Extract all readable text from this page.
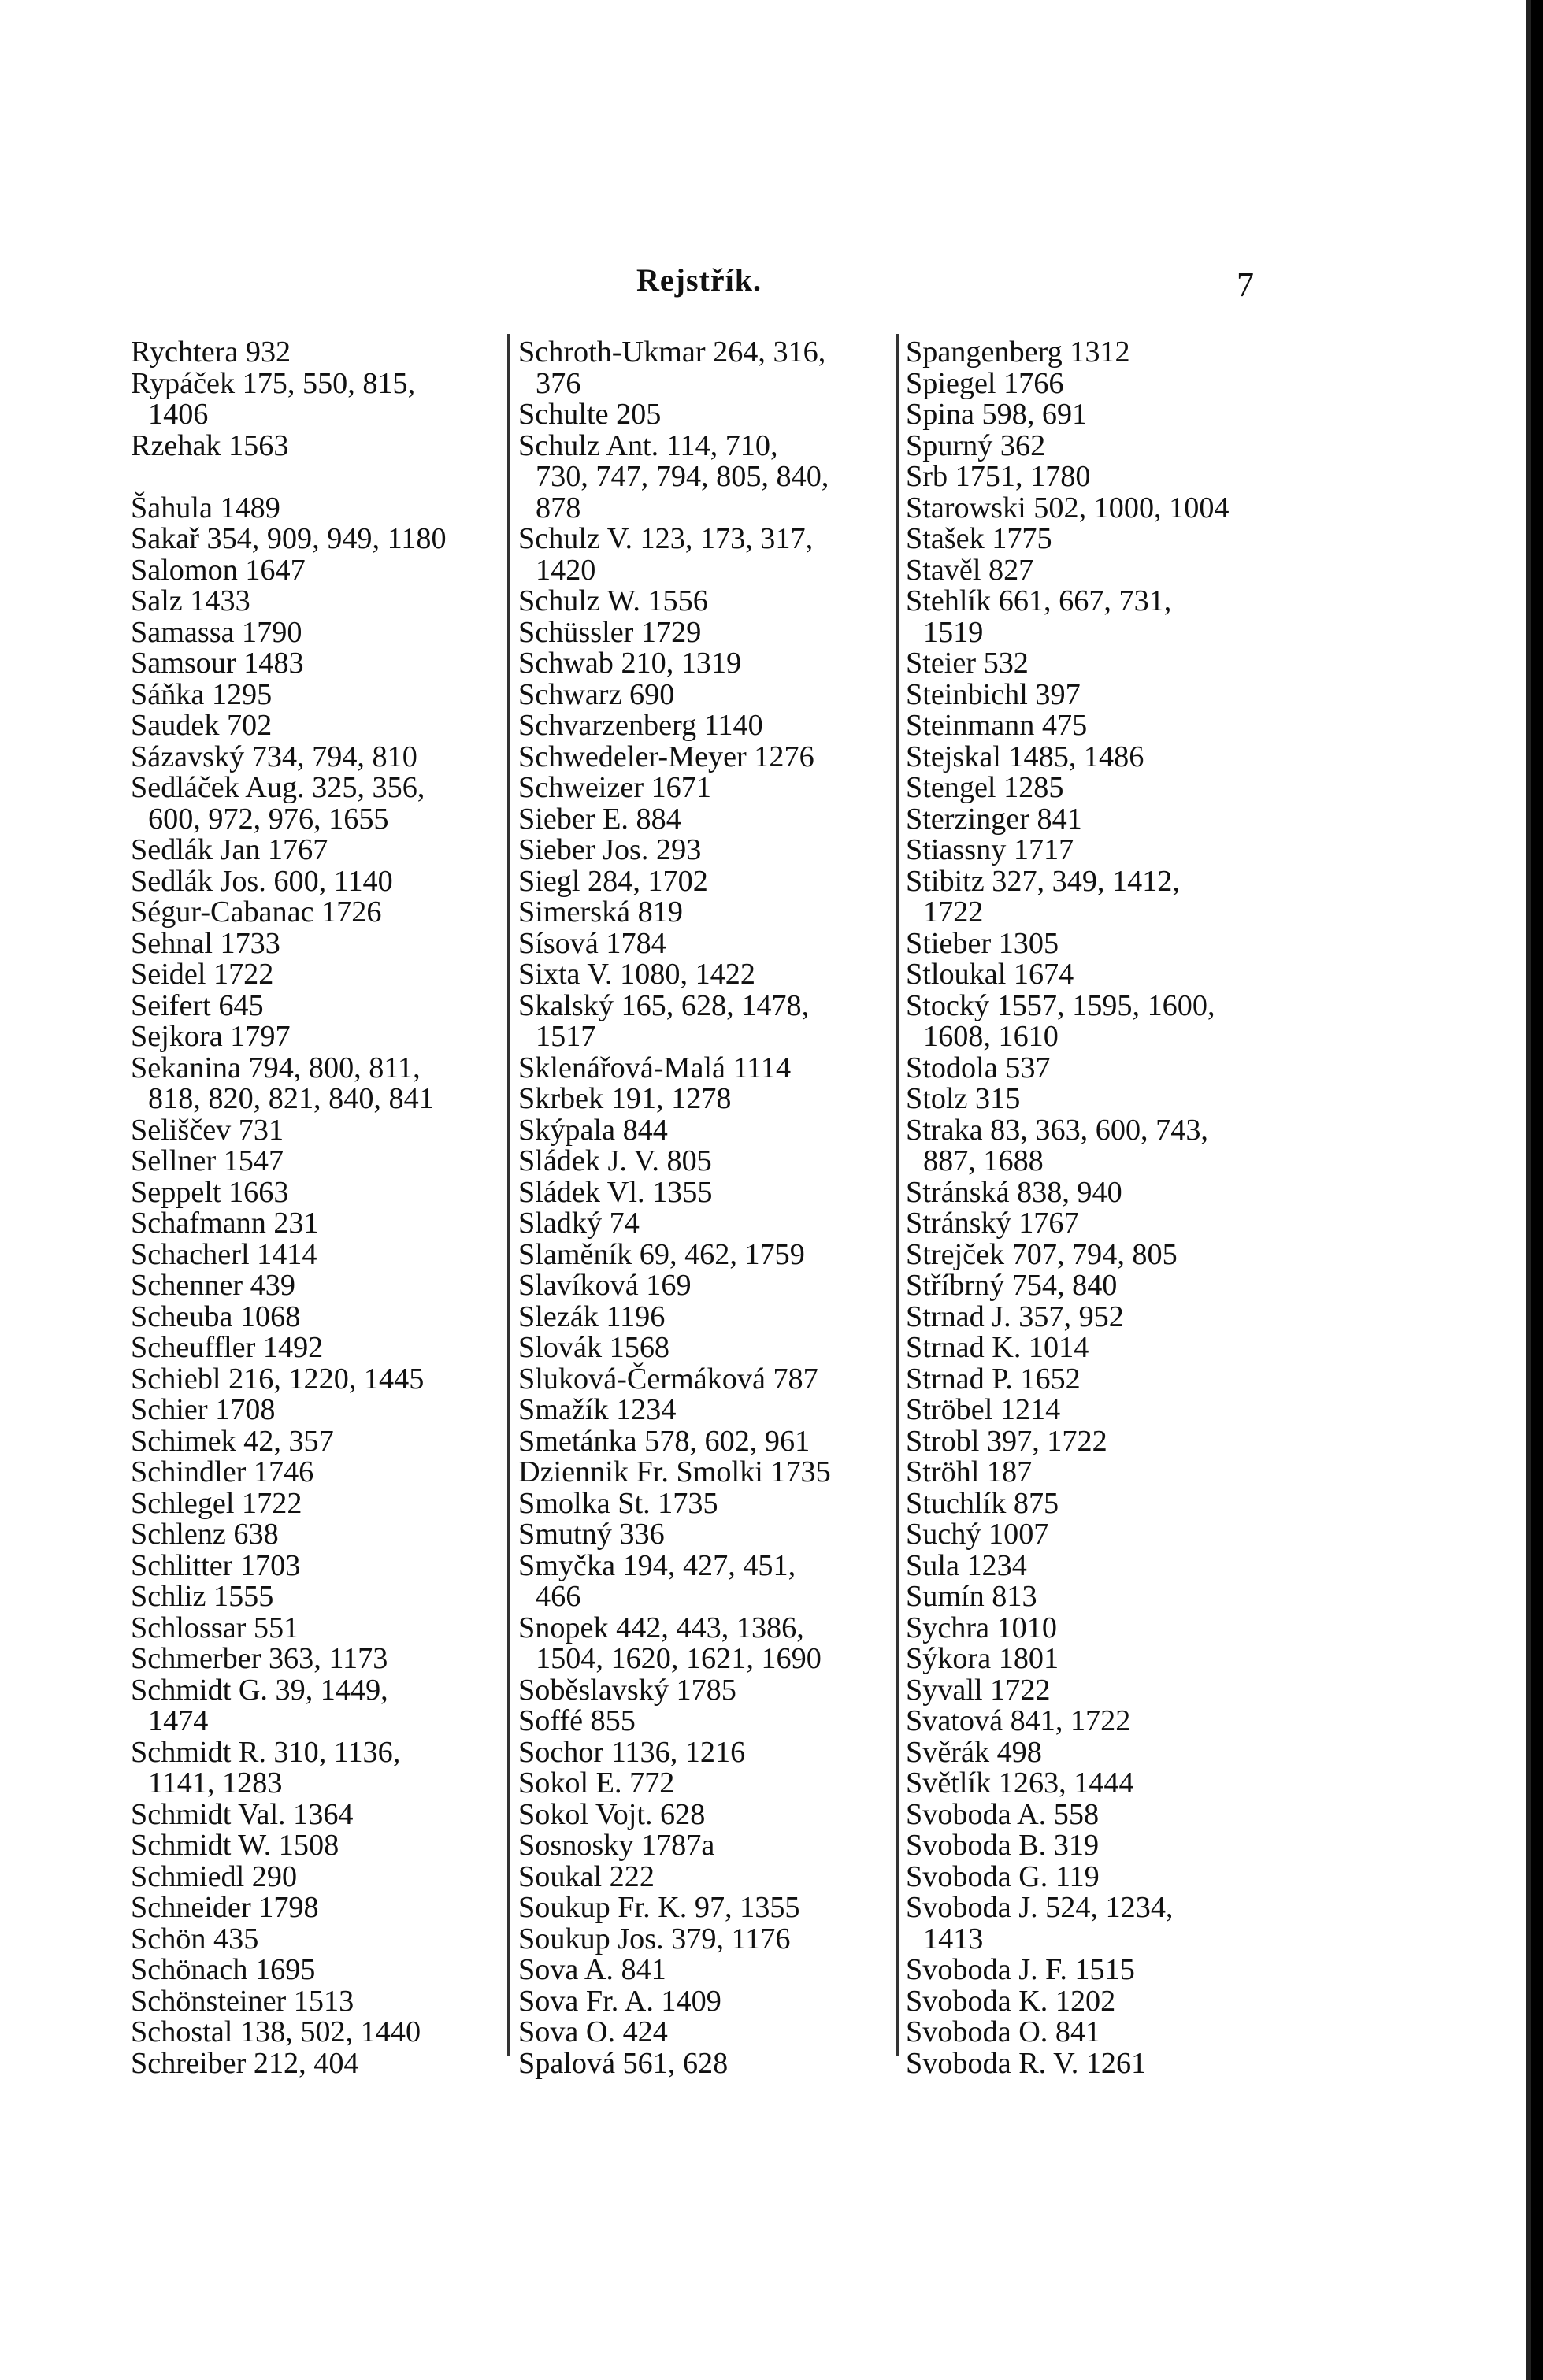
Rejstřík.	7
Rychtera 932
Rypáček 175, 550, 815,
1406
Rzehak 1563
Šahula 1489
Sakař 354, 909, 949, 1180
Salomon 1647
Salz 1433
Samassa 1790
Samsour 1483
Sáňka 1295
Saudek 702
Sázavský 734, 794, 810
Sedláček Aug. 325, 356,
600, 972, 976, 1655
Sedlák Jan 1767
Sedlák Jos. 600, 1140
Ségur-Cabanac 1726
Sehnal 1733
Seidel 1722
Seifert 645
Sejkora 1797
Sekanina 794, 800, 811,
818, 820, 821, 840, 841
Seliščev 731
Sellner 1547
Seppelt 1663
Schafmann 231
Schacherl 1414
Schenner 439
Scheuba 1068
Scheuffler 1492
Schiebl 216, 1220, 1445
Schier 1708
Schimek 42, 357
Schindler 1746
Schlegel 1722
Schlenz 638
Schlitter 1703
Schliz 1555
Schlossar 551
Schmerber 363, 1173
Schmidt G. 39, 1449,
1474
Schmidt R. 310, 1136,
1141, 1283
Schmidt Val. 1364
Schmidt W. 1508
Schmiedl 290
Schneider 1798
Schön 435
Schönach 1695
Schönsteiner 1513
Schostal 138, 502, 1440
Schreiber 212, 404
Schroth-Ukmar 264, 316,
376
Schulte 205
Schulz Ant. 114, 710,
730, 747, 794, 805, 840,
878
Schulz V. 123, 173, 317,
1420
Schulz W. 1556
Schüssler 1729
Schwab 210, 1319
Schwarz 690
Schvarzenberg 1140
Schwedeler-Meyer 1276
Schweizer 1671
Sieber E. 884
Sieber Jos. 293
Siegl 284, 1702
Simerská 819
Sísová 1784
Sixta V. 1080, 1422
Skalský 165, 628, 1478,
1517
Sklenářová-Malá 1114
Skrbek 191, 1278
Skýpala 844
Sládek J. V. 805
Sládek Vl. 1355
Sladký 74
Slaměník 69, 462, 1759
Slavíková 169
Slezák 1196
Slovák 1568
Sluková-Čermáková 787
Smažík 1234
Smetánka 578, 602, 961
Dziennik Fr. Smolki 1735
Smolka St. 1735
Smutný 336
Smyčka 194, 427, 451,
466
Snopek 442, 443, 1386,
1504, 1620, 1621, 1690
Soběslavský 1785
Soffé 855
Sochor 1136, 1216
Sokol E. 772
Sokol Vojt. 628
Sosnosky 1787a
Soukal 222
Soukup Fr. K. 97, 1355
Soukup Jos. 379, 1176
Sova A. 841
Sova Fr. A. 1409
Sova O. 424
Spalová 561, 628
Spangenberg 1312
Spiegel 1766
Spina 598, 691
Spurný 362
Srb 1751, 1780
Starowski 502, 1000, 1004
Stašek 1775
Stavěl 827
Stehlík 661, 667, 731,
1519
Steier 532
Steinbichl 397
Steinmann 475
Stejskal 1485, 1486
Stengel 1285
Sterzinger 841
Stiassny 1717
Stibitz 327, 349, 1412,
1722
Stieber 1305
Stloukal 1674
Stocký 1557, 1595, 1600,
1608, 1610
Stodola 537
Stolz 315
Straka 83, 363, 600, 743,
887, 1688
Stránská 838, 940
Stránský 1767
Strejček 707, 794, 805
Stříbrný 754, 840
Strnad J. 357, 952
Strnad K. 1014
Strnad P. 1652
Ströbel 1214
Strobl 397, 1722
Ströhl 187
Stuchlík 875
Suchý 1007
Sula 1234
Sumín 813
Sychra 1010
Sýkora 1801
Syvall 1722
Svatová 841, 1722
Svěrák 498
Světlík 1263, 1444
Svoboda A. 558
Svoboda B. 319
Svoboda G. 119
Svoboda J. 524, 1234,
1413
Svoboda J. F. 1515
Svoboda K. 1202
Svoboda O. 841
Svoboda R. V. 1261
